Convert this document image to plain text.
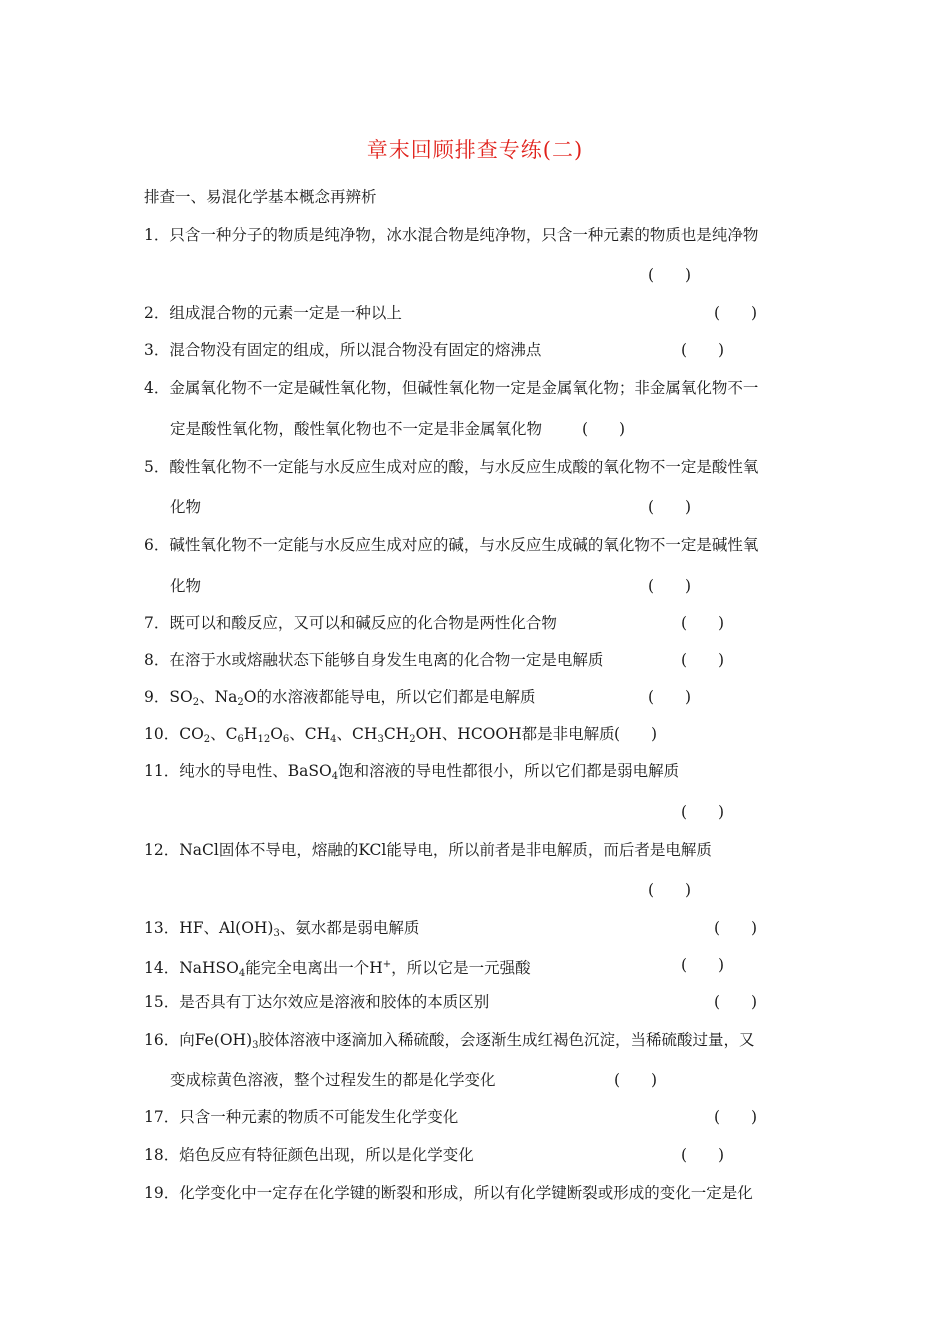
章末回顾排查专练(二)
排查一、易混化学基本概念再辨析
1．只含一种分子的物质是纯净物，冰水混合物是纯净物，只含一种元素的物质也是纯净物
(　　)
2．组成混合物的元素一定是一种以上	(　　)
3．混合物没有固定的组成，所以混合物没有固定的熔沸点	(　　)
4．金属氧化物不一定是碱性氧化物，但碱性氧化物一定是金属氧化物；非金属氧化物不一
定是酸性氧化物，酸性氧化物也不一定是非金属氧化物	(　　)
5．酸性氧化物不一定能与水反应生成对应的酸，与水反应生成酸的氧化物不一定是酸性氧
化物	(　　)
6．碱性氧化物不一定能与水反应生成对应的碱，与水反应生成碱的氧化物不一定是碱性氧
化物	(　　)
7．既可以和酸反应，又可以和碱反应的化合物是两性化合物	(　　)
8．在溶于水或熔融状态下能够自身发生电离的化合物一定是电解质	(　　)
9．$SO_2$、$Na_2O$的水溶液都能导电，所以它们都是电解质	(　　)
10．$CO_2$、$C_6H_{12}O_6$、$CH_4$、$CH_3CH_2OH$、HCOOH都是非电解质 (　　)
11．纯水的导电性、BaSO$_4$饱和溶液的导电性都很小，所以它们都是弱电解质
(　　)
12．NaCl固体不导电，熔融的KCl能导电，所以前者是非电解质，而后者是电解质
(　　)
13．HF、$Al(OH)_3$、氨水都是弱电解质	(　　)
14．NaHSO$_4$能完全电离出一个H+，所以它是一元强酸	(　　)
15．是否具有丁达尔效应是溶液和胶体的本质区别	(　　)
16．向$Fe(OH)_3$胶体溶液中逐滴加入稀硫酸，会逐渐生成红褐色沉淀，当稀硫酸过量，又
变成棕黄色溶液，整个过程发生的都是化学变化	(　　)
17．只含一种元素的物质不可能发生化学变化	(　　)
18．焰色反应有特征颜色出现，所以是化学变化	(　　)
19．化学变化中一定存在化学键的断裂和形成，所以有化学键断裂或形成的变化一定是化
